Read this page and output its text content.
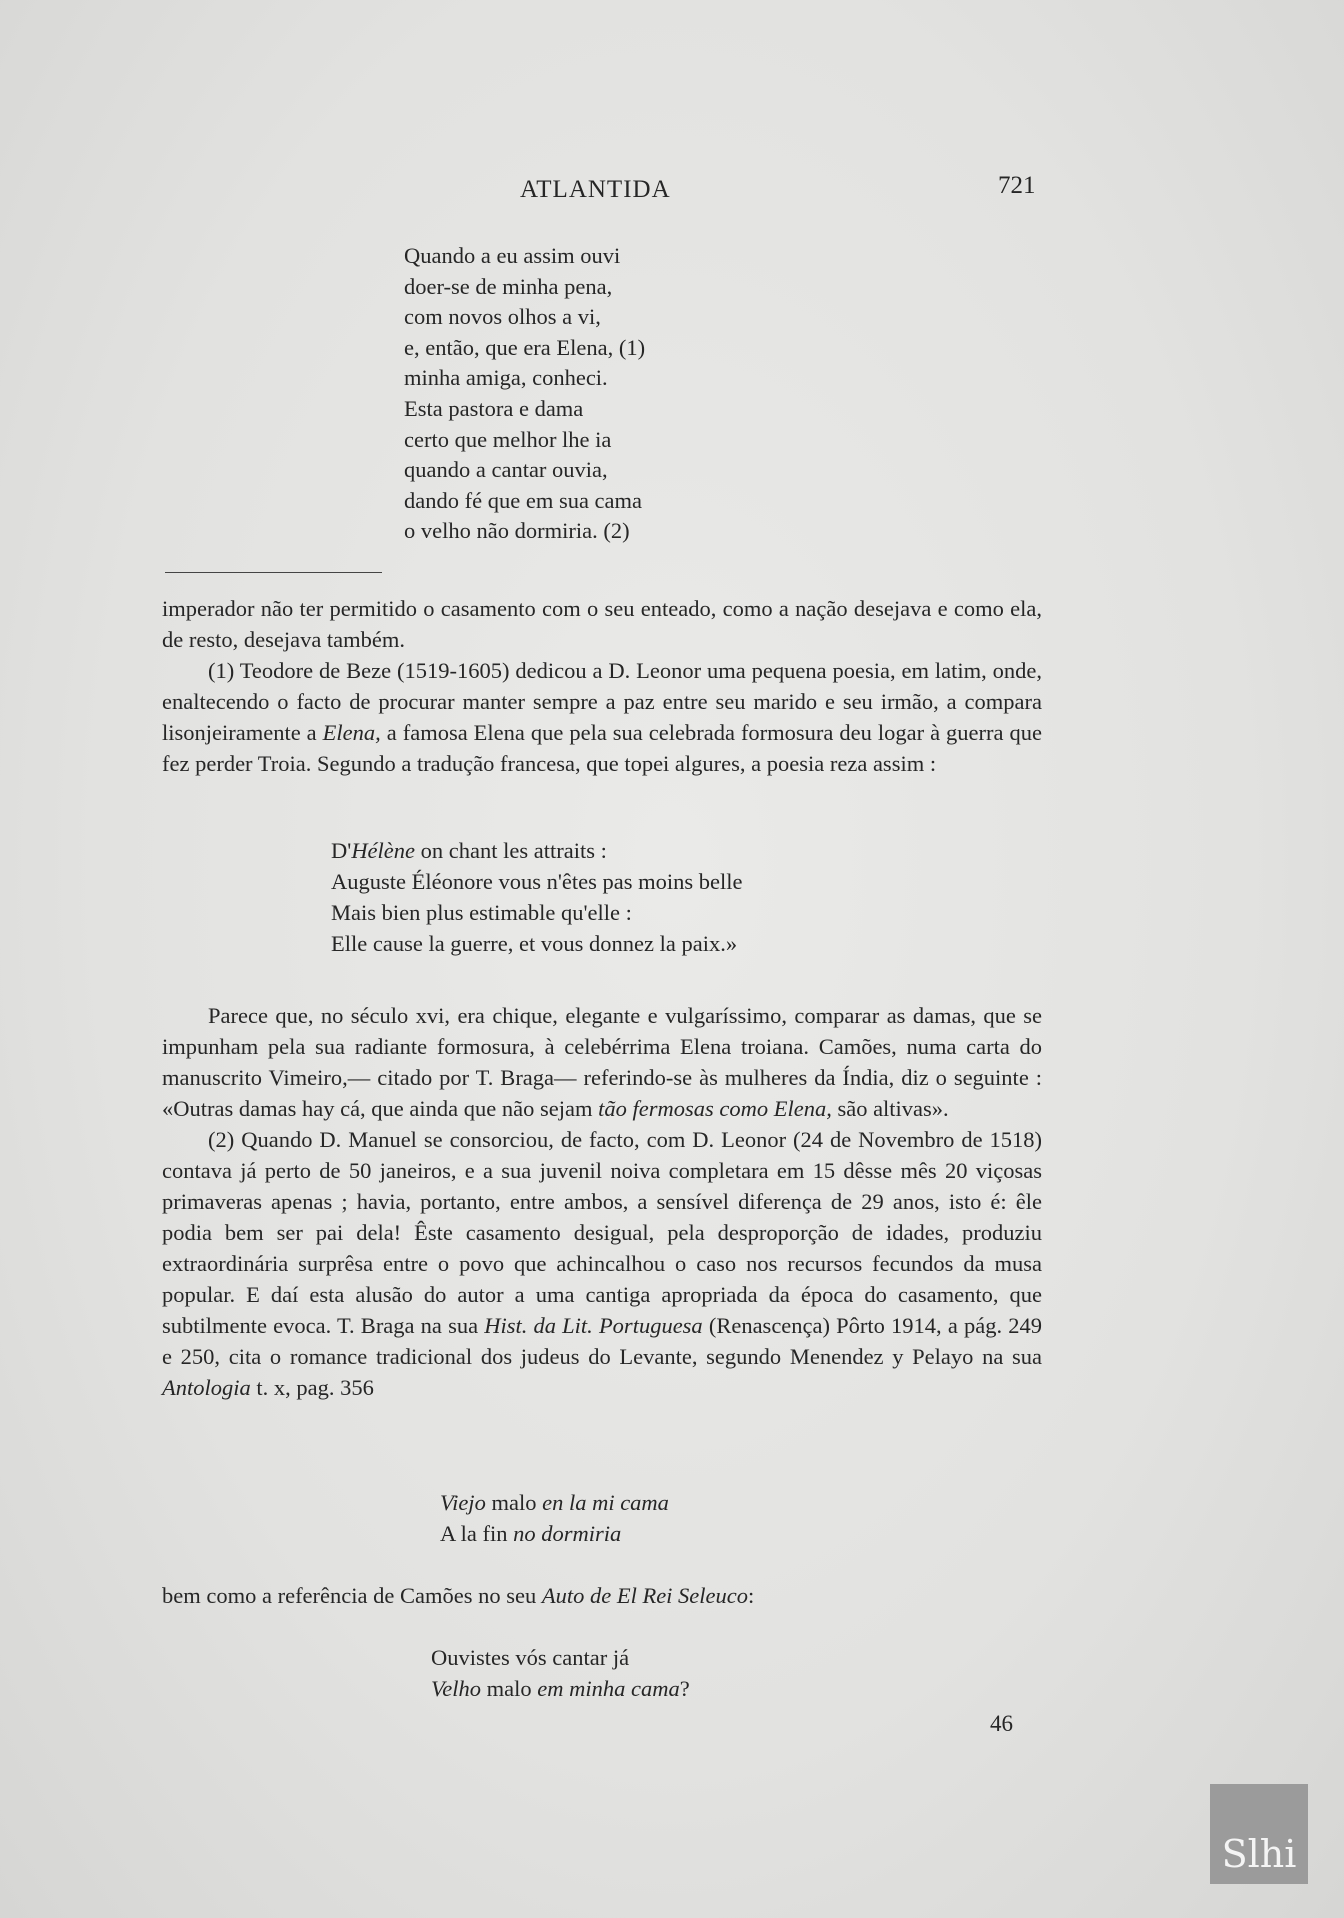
ATLANTIDA	721
Quando a eu assim ouvi
doer-se de minha pena,
com novos olhos a vi,
e, então, que era Elena, (1)
minha amiga, conheci.
Esta pastora e dama
certo que melhor lhe ia
quando a cantar ouvia,
dando fé que em sua cama
o velho não dormiria. (2)

imperador não ter permitido o casamento com o seu enteado, como a nação desejava e como ela, de resto, desejava também.

(1) Teodore de Beze (1519-1605) dedicou a D. Leonor uma pequena poesia, em latim, onde, enaltecendo o facto de procurar manter sempre a paz entre seu marido e seu irmão, a compara lisonjeiramente a Elena, a famosa Elena que pela sua celebrada formosura deu logar à guerra que fez perder Troia. Segundo a tradução francesa, que topei algures, a poesia reza assim :

D'Hélène on chant les attraits :
Auguste Éléonore vous n'êtes pas moins belle
Mais bien plus estimable qu'elle :
Elle cause la guerre, et vous donnez la paix.»

Parece que, no século xvi, era chique, elegante e vulgaríssimo, comparar as damas, que se impunham pela sua radiante formosura, à celebérrima Elena troiana. Camões, numa carta do manuscrito Vimeiro,— citado por T. Braga— referindo-se às mulheres da Índia, diz o seguinte : «Outras damas hay cá, que ainda que não sejam tão fermosas como Elena, são altivas».

(2) Quando D. Manuel se consorciou, de facto, com D. Leonor (24 de Novembro de 1518) contava já perto de 50 janeiros, e a sua juvenil noiva completara em 15 dêsse mês 20 viçosas primaveras apenas ; havia, portanto, entre ambos, a sensível diferença de 29 anos, isto é: êle podia bem ser pai dela! Êste casamento desigual, pela desproporção de idades, produziu extraordinária surprêsa entre o povo que achincalhou o caso nos recursos fecundos da musa popular. E daí esta alusão do autor a uma cantiga apropriada da época do casamento, que subtilmente evoca. T. Braga na sua Hist. da Lit. Portuguesa (Renascença) Pôrto 1914, a pág. 249 e 250, cita o romance tradicional dos judeus do Levante, segundo Menendez y Pelayo na sua Antologia t. x, pag. 356

Viejo malo en la mi cama
A la fin no dormiria

bem como a referência de Camões no seu Auto de El Rei Seleuco:

Ouvistes vós cantar já
Velho malo em minha cama?
46
Slhi
